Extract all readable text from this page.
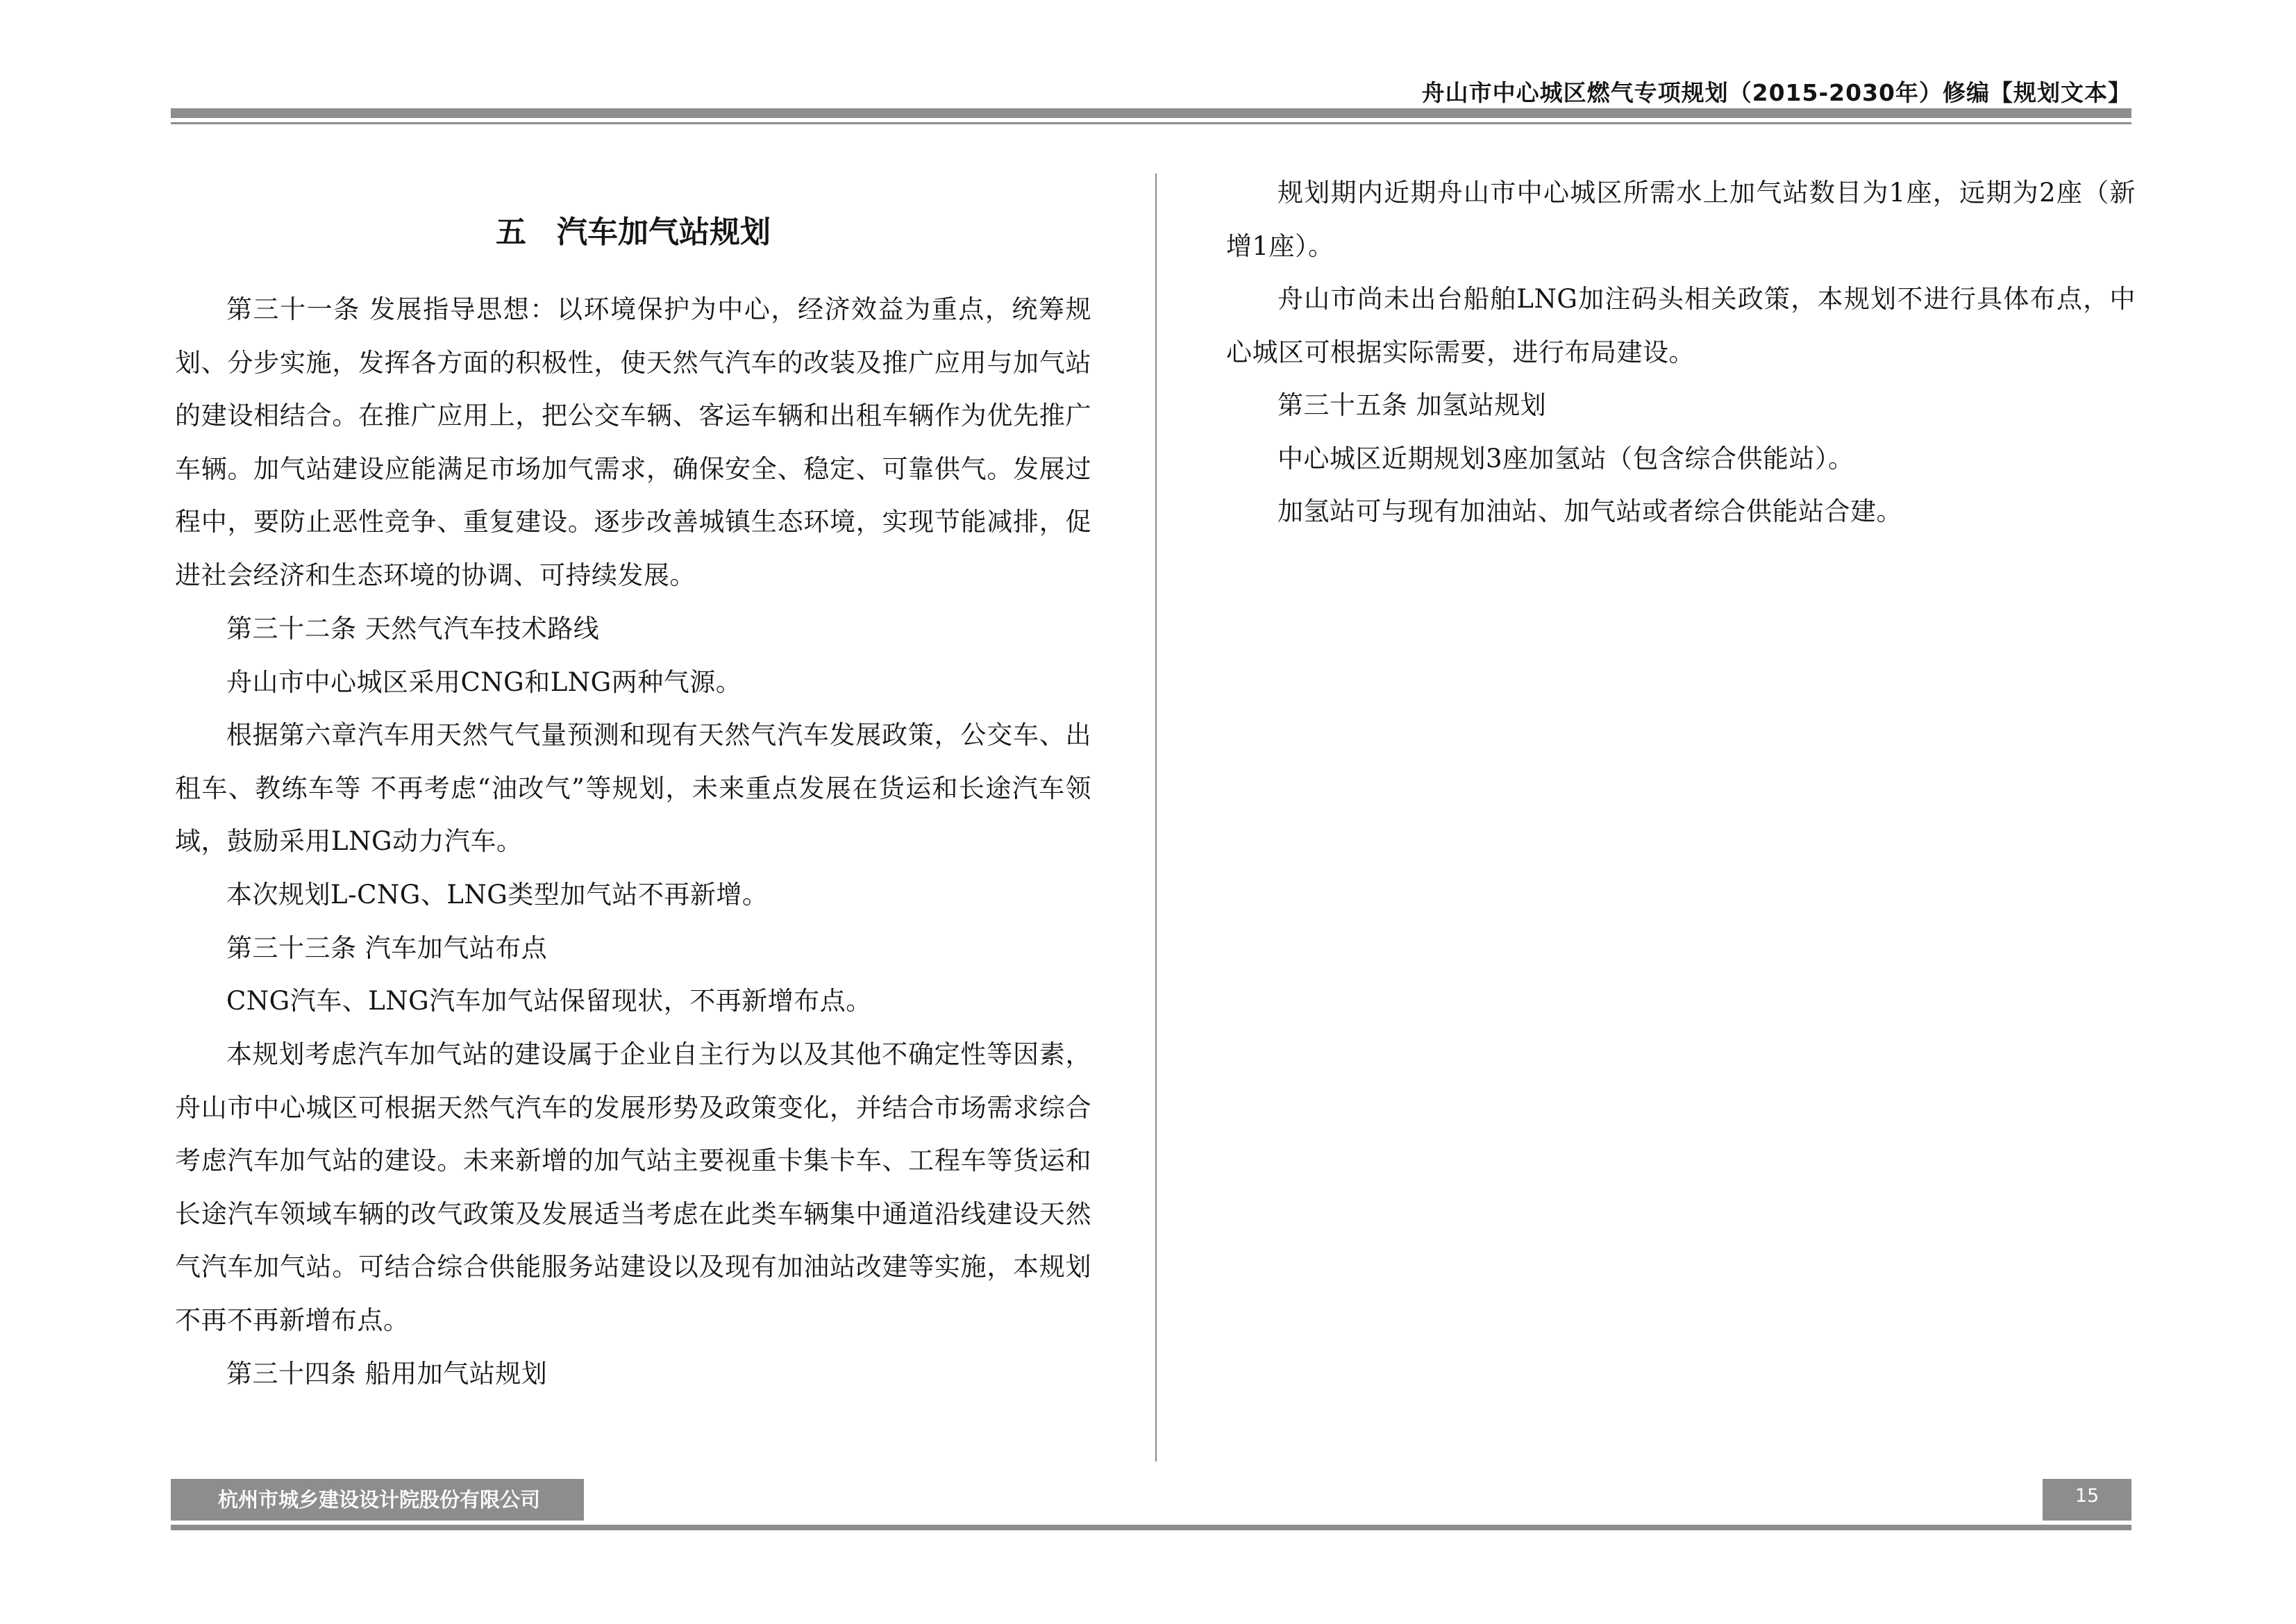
舟山市中心城区燃气专项规划（2015-2030年）修编【规划文本】
五　汽车加气站规划

第三十一条 发展指导思想：以环境保护为中心，经济效益为重点，统筹规划、分步实施，发挥各方面的积极性，使天然气汽车的改装及推广应用与加气站的建设相结合。在推广应用上，把公交车辆、客运车辆和出租车辆作为优先推广车辆。加气站建设应能满足市场加气需求，确保安全、稳定、可靠供气。发展过程中，要防止恶性竞争、重复建设。逐步改善城镇生态环境，实现节能减排，促进社会经济和生态环境的协调、可持续发展。

第三十二条 天然气汽车技术路线

舟山市中心城区采用CNG和LNG两种气源。

根据第六章汽车用天然气气量预测和现有天然气汽车发展政策，公交车、出租车、教练车等 不再考虑“油改气”等规划，未来重点发展在货运和长途汽车领域，鼓励采用LNG动力汽车。

本次规划L-CNG、LNG类型加气站不再新增。

第三十三条 汽车加气站布点

CNG汽车、LNG汽车加气站保留现状，不再新增布点。

本规划考虑汽车加气站的建设属于企业自主行为以及其他不确定性等因素，舟山市中心城区可根据天然气汽车的发展形势及政策变化，并结合市场需求综合考虑汽车加气站的建设。未来新增的加气站主要视重卡集卡车、工程车等货运和长途汽车领域车辆的改气政策及发展适当考虑在此类车辆集中通道沿线建设天然气汽车加气站。可结合综合供能服务站建设以及现有加油站改建等实施，本规划不再不再新增布点。

第三十四条 船用加气站规划

规划期内近期舟山市中心城区所需水上加气站数目为1座，远期为2座（新增1座）。

舟山市尚未出台船舶LNG加注码头相关政策，本规划不进行具体布点，中心城区可根据实际需要，进行布局建设。

第三十五条 加氢站规划

中心城区近期规划3座加氢站（包含综合供能站）。

加氢站可与现有加油站、加气站或者综合供能站合建。

杭州市城乡建设设计院股份有限公司	15
